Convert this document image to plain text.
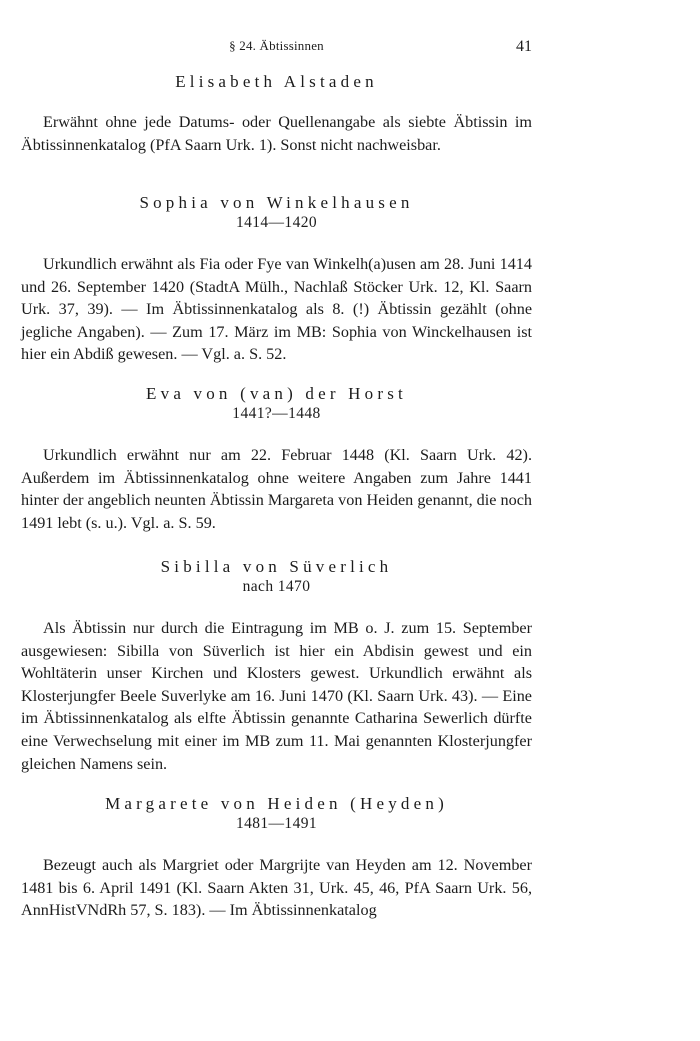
§ 24. Äbtissinnen	41
Elisabeth Alstaden

Erwähnt ohne jede Datums- oder Quellenangabe als siebte Äbtissin im Äbtissinnenkatalog (PfA Saarn Urk. 1). Sonst nicht nachweisbar.

Sophia von Winkelhausen

1414—1420

Urkundlich erwähnt als Fia oder Fye van Winkelh(a)usen am 28. Juni 1414 und 26. September 1420 (StadtA Mülh., Nachlaß Stöcker Urk. 12, Kl. Saarn Urk. 37, 39). — Im Äbtissinnenkatalog als 8. (!) Äbtissin gezählt (ohne jegliche Angaben). — Zum 17. März im MB: Sophia von Winckelhausen ist hier ein Abdiß gewesen. — Vgl. a. S. 52.

Eva von (van) der Horst

1441?—1448

Urkundlich erwähnt nur am 22. Februar 1448 (Kl. Saarn Urk. 42). Außerdem im Äbtissinnenkatalog ohne weitere Angaben zum Jahre 1441 hinter der angeblich neunten Äbtissin Margareta von Heiden genannt, die noch 1491 lebt (s. u.). Vgl. a. S. 59.

Sibilla von Süverlich

nach 1470

Als Äbtissin nur durch die Eintragung im MB o. J. zum 15. September ausgewiesen: Sibilla von Süverlich ist hier ein Abdisin gewest und ein Wohltäterin unser Kirchen und Klosters gewest. Urkundlich erwähnt als Klosterjungfer Beele Suverlyke am 16. Juni 1470 (Kl. Saarn Urk. 43). — Eine im Äbtissinnenkatalog als elfte Äbtissin genannte Catharina Sewerlich dürfte eine Verwechselung mit einer im MB zum 11. Mai genannten Klosterjungfer gleichen Namens sein.

Margarete von Heiden (Heyden)

1481—1491

Bezeugt auch als Margriet oder Margrijte van Heyden am 12. November 1481 bis 6. April 1491 (Kl. Saarn Akten 31, Urk. 45, 46, PfA Saarn Urk. 56, AnnHistVNdRh 57, S. 183). — Im Äbtissinnenkatalog
